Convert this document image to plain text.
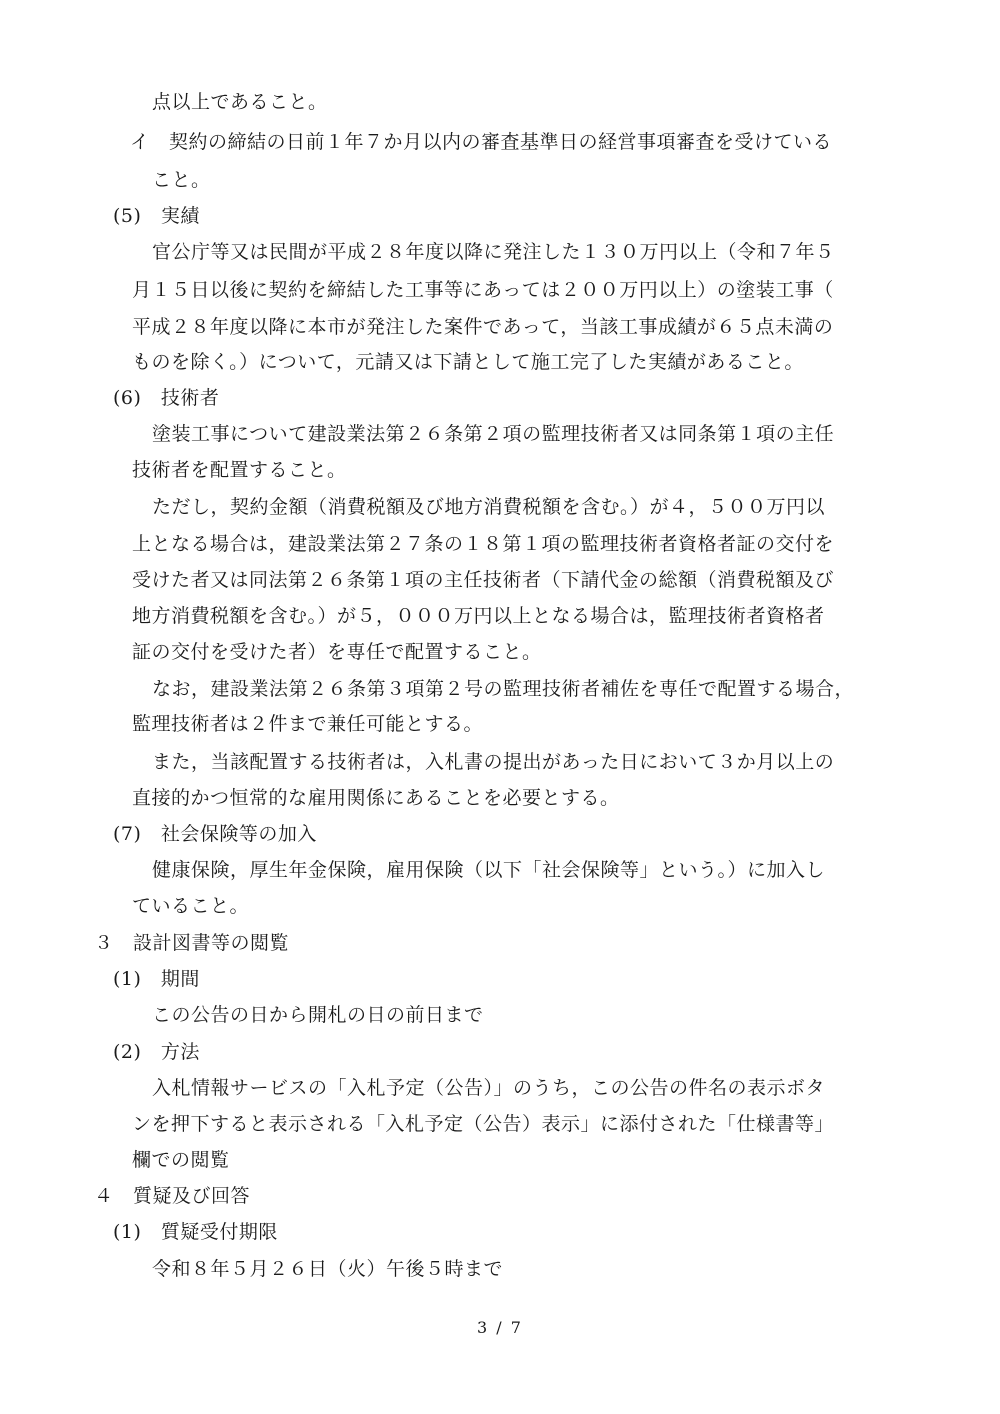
点以上であること。
イ　契約の締結の日前１年７か月以内の審査基準日の経営事項審査を受けている
こと。
(5)　実績
官公庁等又は民間が平成２８年度以降に発注した１３０万円以上（令和７年５
月１５日以後に契約を締結した工事等にあっては２００万円以上）の塗装工事（
平成２８年度以降に本市が発注した案件であって，当該工事成績が６５点未満の
ものを除く。）について，元請又は下請として施工完了した実績があること。
(6)　技術者
塗装工事について建設業法第２６条第２項の監理技術者又は同条第１項の主任
技術者を配置すること。
ただし，契約金額（消費税額及び地方消費税額を含む。）が４，５００万円以
上となる場合は，建設業法第２７条の１８第１項の監理技術者資格者証の交付を
受けた者又は同法第２６条第１項の主任技術者（下請代金の総額（消費税額及び
地方消費税額を含む。）が５，０００万円以上となる場合は，監理技術者資格者
証の交付を受けた者）を専任で配置すること。
なお，建設業法第２６条第３項第２号の監理技術者補佐を専任で配置する場合，
監理技術者は２件まで兼任可能とする。
また，当該配置する技術者は，入札書の提出があった日において３か月以上の
直接的かつ恒常的な雇用関係にあることを必要とする。
(7)　社会保険等の加入
健康保険，厚生年金保険，雇用保険（以下「社会保険等」という。）に加入し
ていること。
３　設計図書等の閲覧
(1)　期間
この公告の日から開札の日の前日まで
(2)　方法
入札情報サービスの「入札予定（公告）」のうち，この公告の件名の表示ボタ
ンを押下すると表示される「入札予定（公告）表示」に添付された「仕様書等」
欄での閲覧
４　質疑及び回答
(1)　質疑受付期限
令和８年５月２６日（火）午後５時まで
3 / 7
